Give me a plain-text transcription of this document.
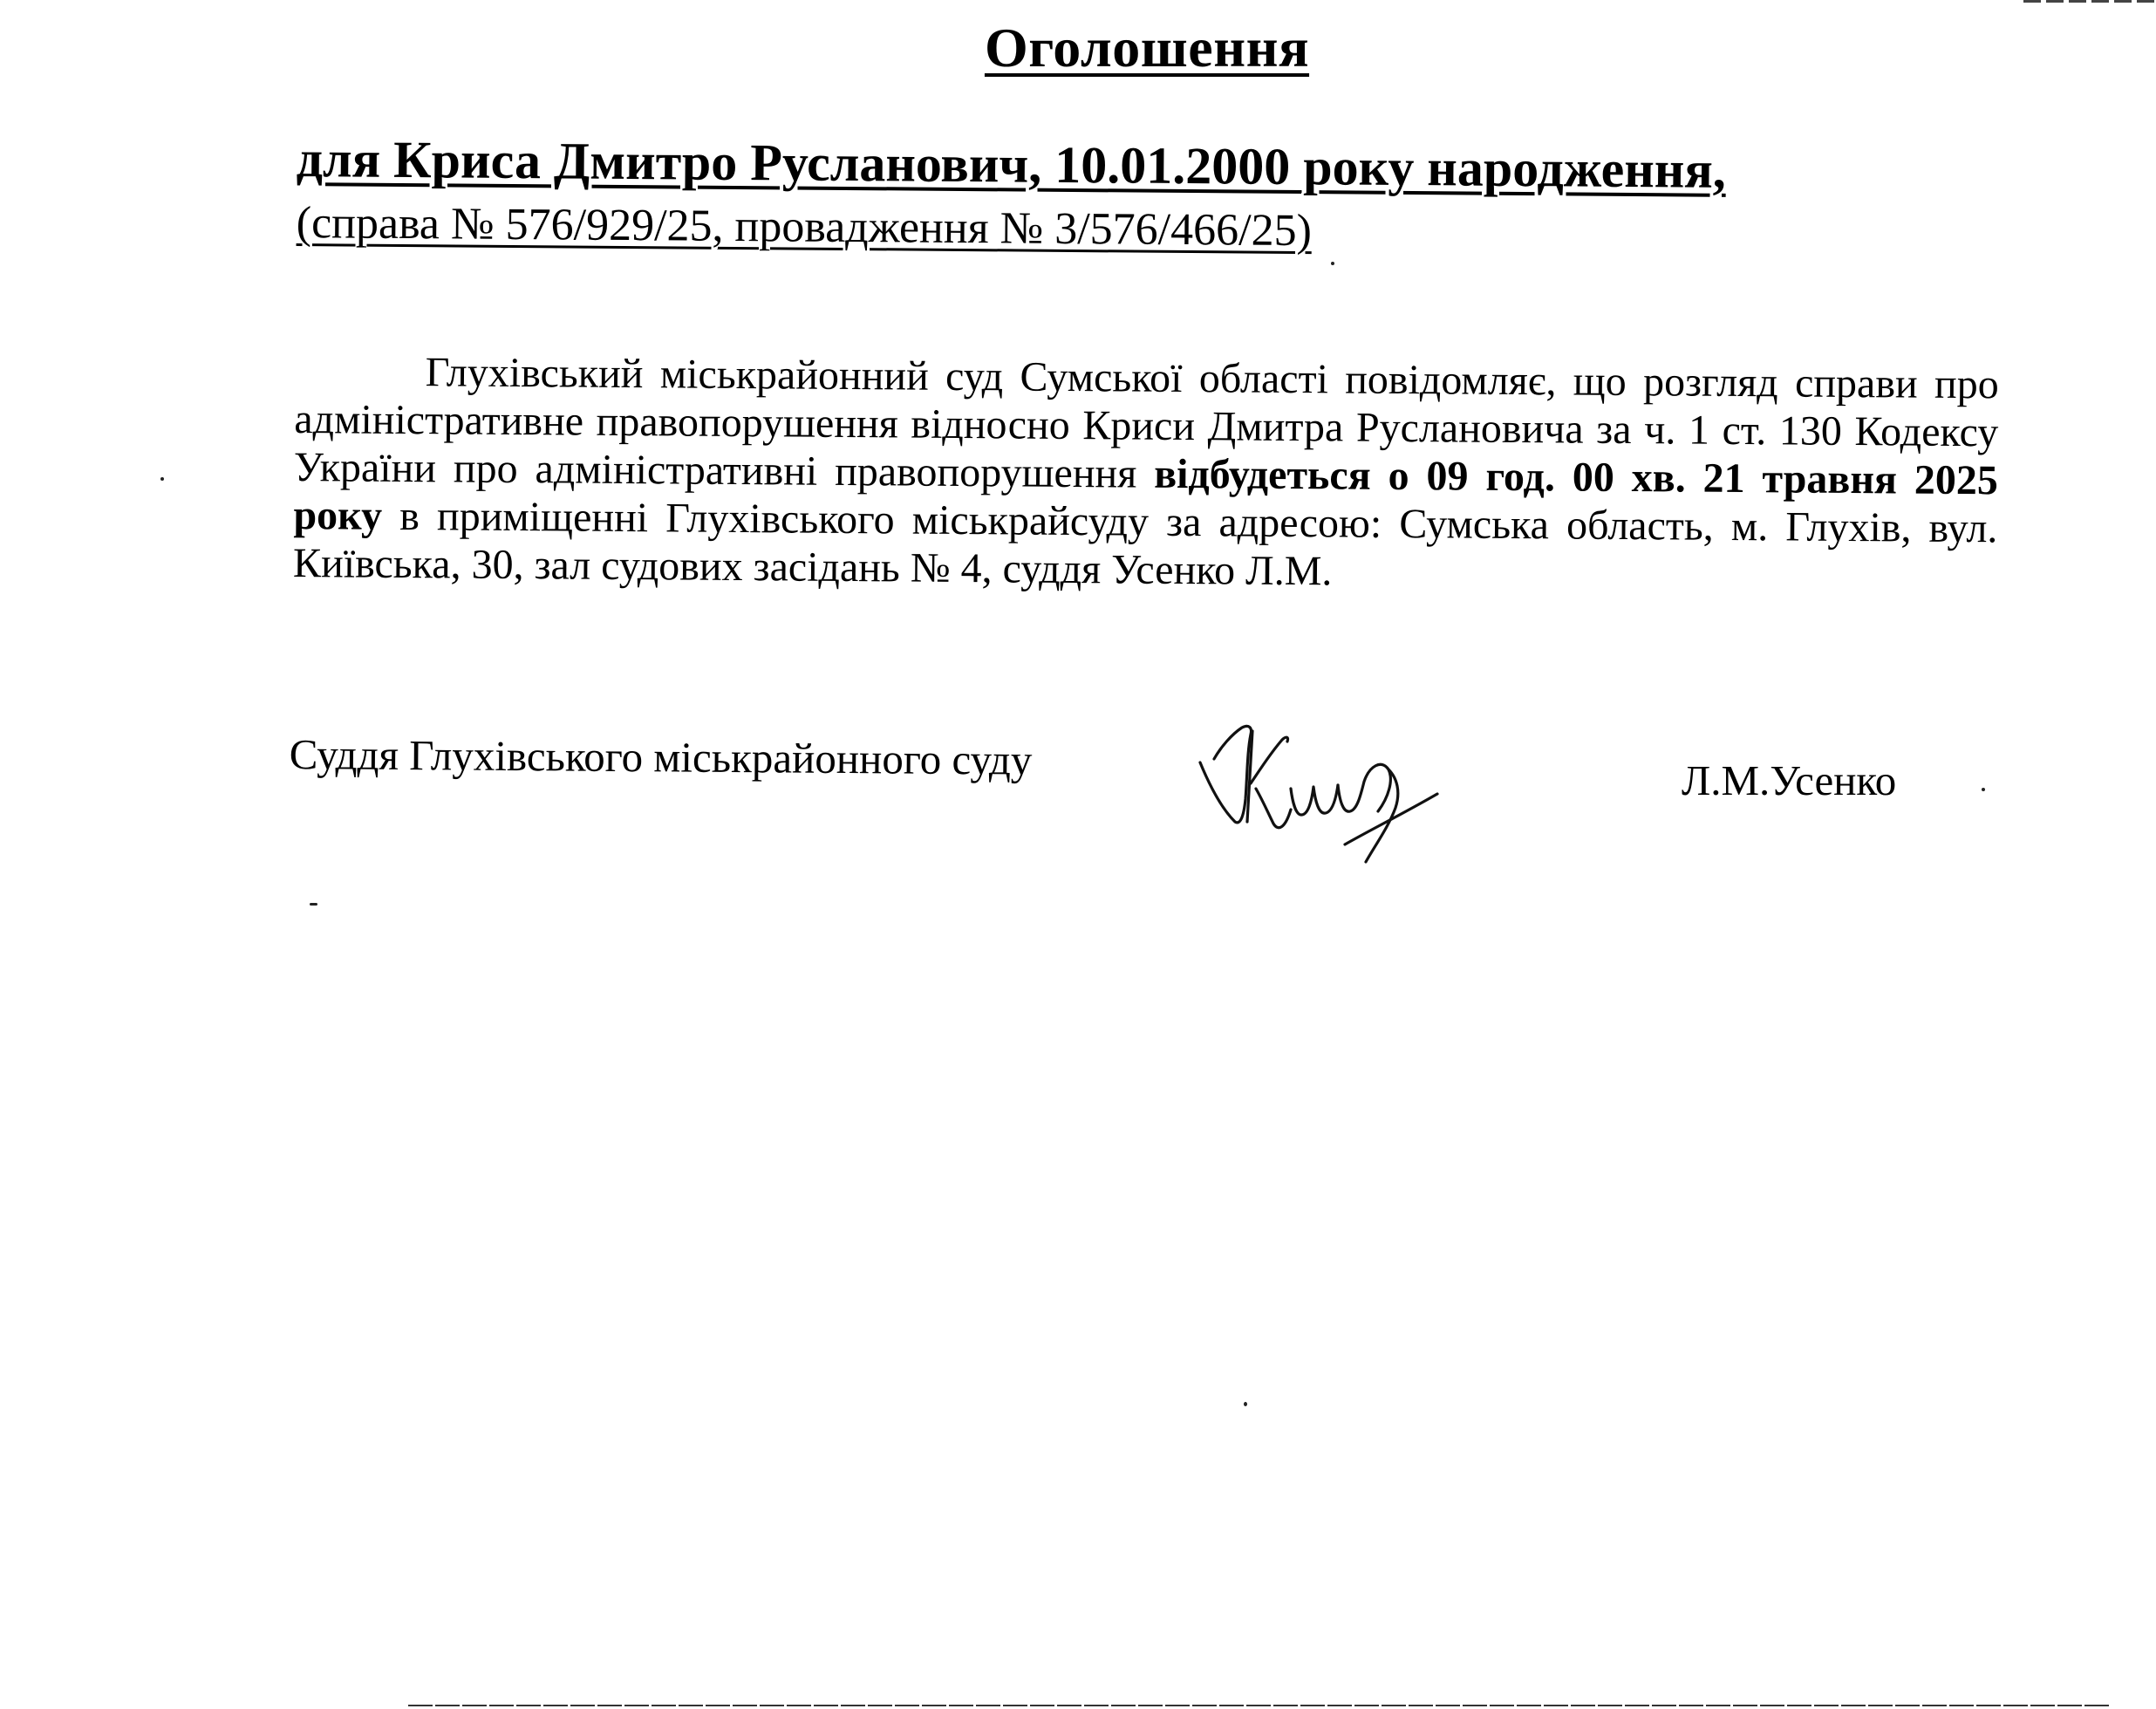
Оголошення
для Криса Дмитро Русланович, 10.01.2000 року народження,
(справа № 576/929/25, провадження № 3/576/466/25)
Глухівський міськрайонний суд Сумської області повідомляє, що розгляд справи про адміністративне правопорушення відносно Криси Дмитра Руслановича за ч. 1 ст. 130 Кодексу України про адміністративні правопорушення відбудеться о 09 год. 00 хв. 21 травня 2025 року в приміщенні Глухівського міськрайсуду за адресою: Сумська область, м. Глухів, вул. Київська, 30, зал судових засідань № 4, суддя Усенко Л.М.
Суддя Глухівського міськрайонного суду	Л.М.Усенко
